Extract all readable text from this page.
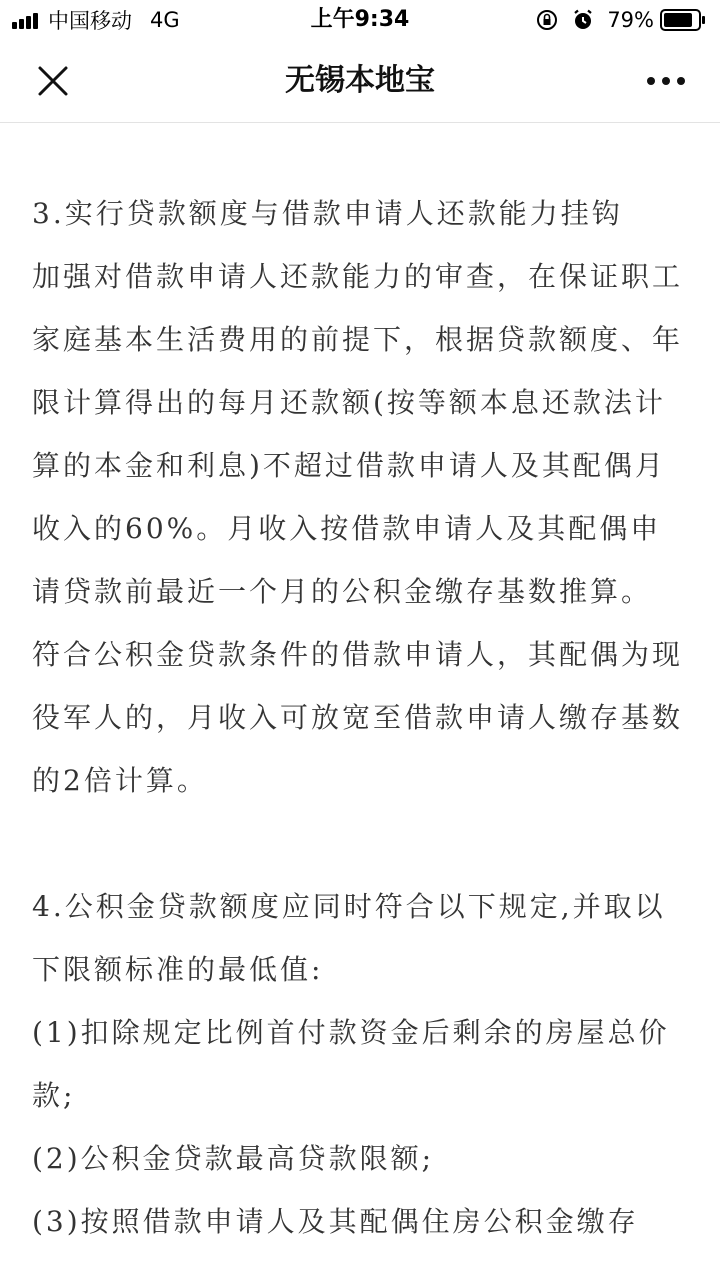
中国移动 4G	上午9:34	79%
无锡本地宝

3.实行贷款额度与借款申请人还款能力挂钩

加强对借款申请人还款能力的审查，在保证职工家庭基本生活费用的前提下，根据贷款额度、年限计算得出的每月还款额(按等额本息还款法计算的本金和利息)不超过借款申请人及其配偶月收入的60%。月收入按借款申请人及其配偶申请贷款前最近一个月的公积金缴存基数推算。

符合公积金贷款条件的借款申请人，其配偶为现役军人的，月收入可放宽至借款申请人缴存基数的2倍计算。

4.公积金贷款额度应同时符合以下规定,并取以下限额标准的最低值:

(1)扣除规定比例首付款资金后剩余的房屋总价款;

(2)公积金贷款最高贷款限额;

(3)按照借款申请人及其配偶住房公积金缴存
